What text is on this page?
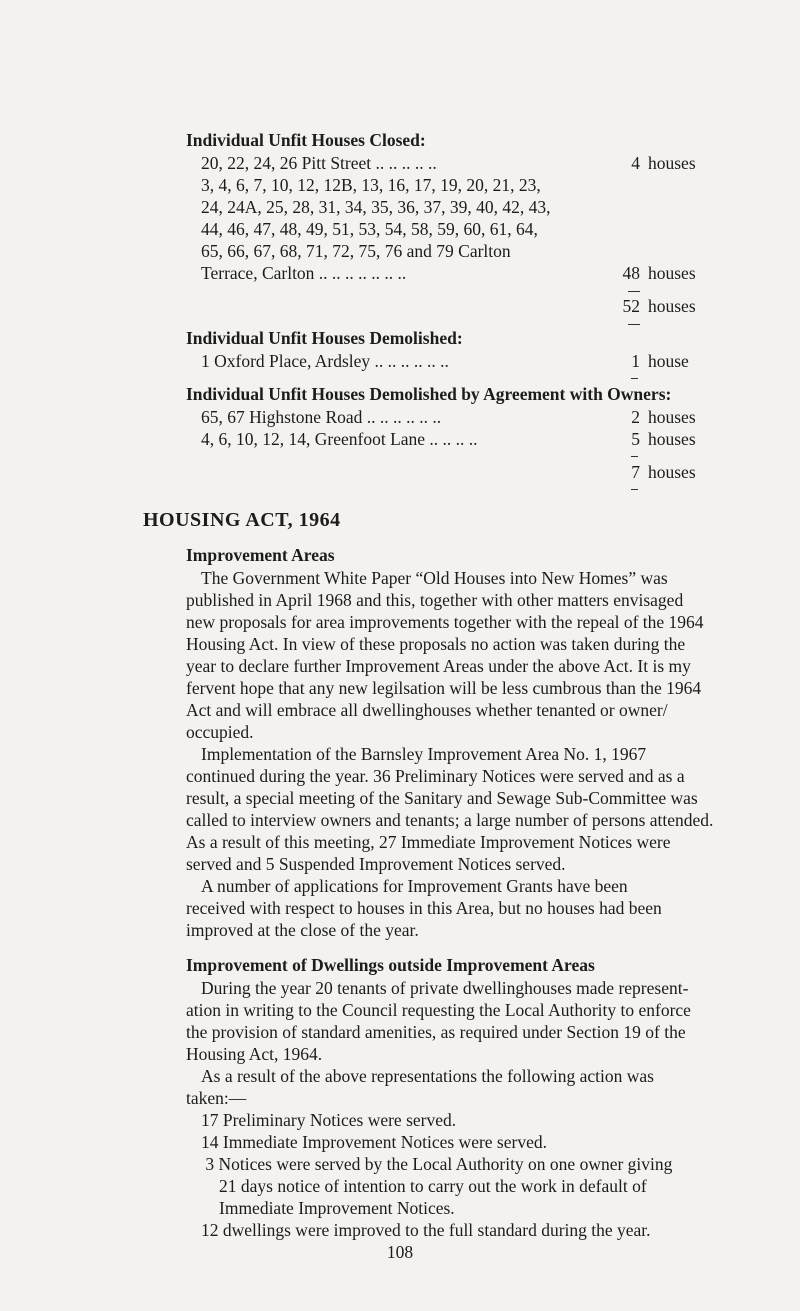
Individual Unfit Houses Closed:
20, 22, 24, 26 Pitt Street .. .. .. .. ..	4 houses
3, 4, 6, 7, 10, 12, 12B, 13, 16, 17, 19, 20, 21, 23,
24, 24A, 25, 28, 31, 34, 35, 36, 37, 39, 40, 42, 43,
44, 46, 47, 48, 49, 51, 53, 54, 58, 59, 60, 61, 64,
65, 66, 67, 68, 71, 72, 75, 76 and 79 Carlton
Terrace, Carlton .. .. .. .. .. .. ..	48 houses
52 houses
Individual Unfit Houses Demolished:
1 Oxford Place, Ardsley .. .. .. .. .. ..	1 house
Individual Unfit Houses Demolished by Agreement with Owners:
65, 67 Highstone Road .. .. .. .. .. ..	2 houses
4, 6, 10, 12, 14, Greenfoot Lane .. .. .. ..	5 houses
7 houses
HOUSING ACT, 1964
Improvement Areas
The Government White Paper “Old Houses into New Homes” was
published in April 1968 and this, together with other matters envisaged
new proposals for area improvements together with the repeal of the 1964
Housing Act. In view of these proposals no action was taken during the
year to declare further Improvement Areas under the above Act. It is my
fervent hope that any new legilsation will be less cumbrous than the 1964
Act and will embrace all dwellinghouses whether tenanted or owner/
occupied.
Implementation of the Barnsley Improvement Area No. 1, 1967
continued during the year. 36 Preliminary Notices were served and as a
result, a special meeting of the Sanitary and Sewage Sub-Committee was
called to interview owners and tenants; a large number of persons attended.
As a result of this meeting, 27 Immediate Improvement Notices were
served and 5 Suspended Improvement Notices served.
A number of applications for Improvement Grants have been
received with respect to houses in this Area, but no houses had been
improved at the close of the year.
Improvement of Dwellings outside Improvement Areas
During the year 20 tenants of private dwellinghouses made represent-
ation in writing to the Council requesting the Local Authority to enforce
the provision of standard amenities, as required under Section 19 of the
Housing Act, 1964.
As a result of the above representations the following action was
taken:—
17 Preliminary Notices were served.
14 Immediate Improvement Notices were served.
3 Notices were served by the Local Authority on one owner giving
21 days notice of intention to carry out the work in default of
Immediate Improvement Notices.
12 dwellings were improved to the full standard during the year.
108
